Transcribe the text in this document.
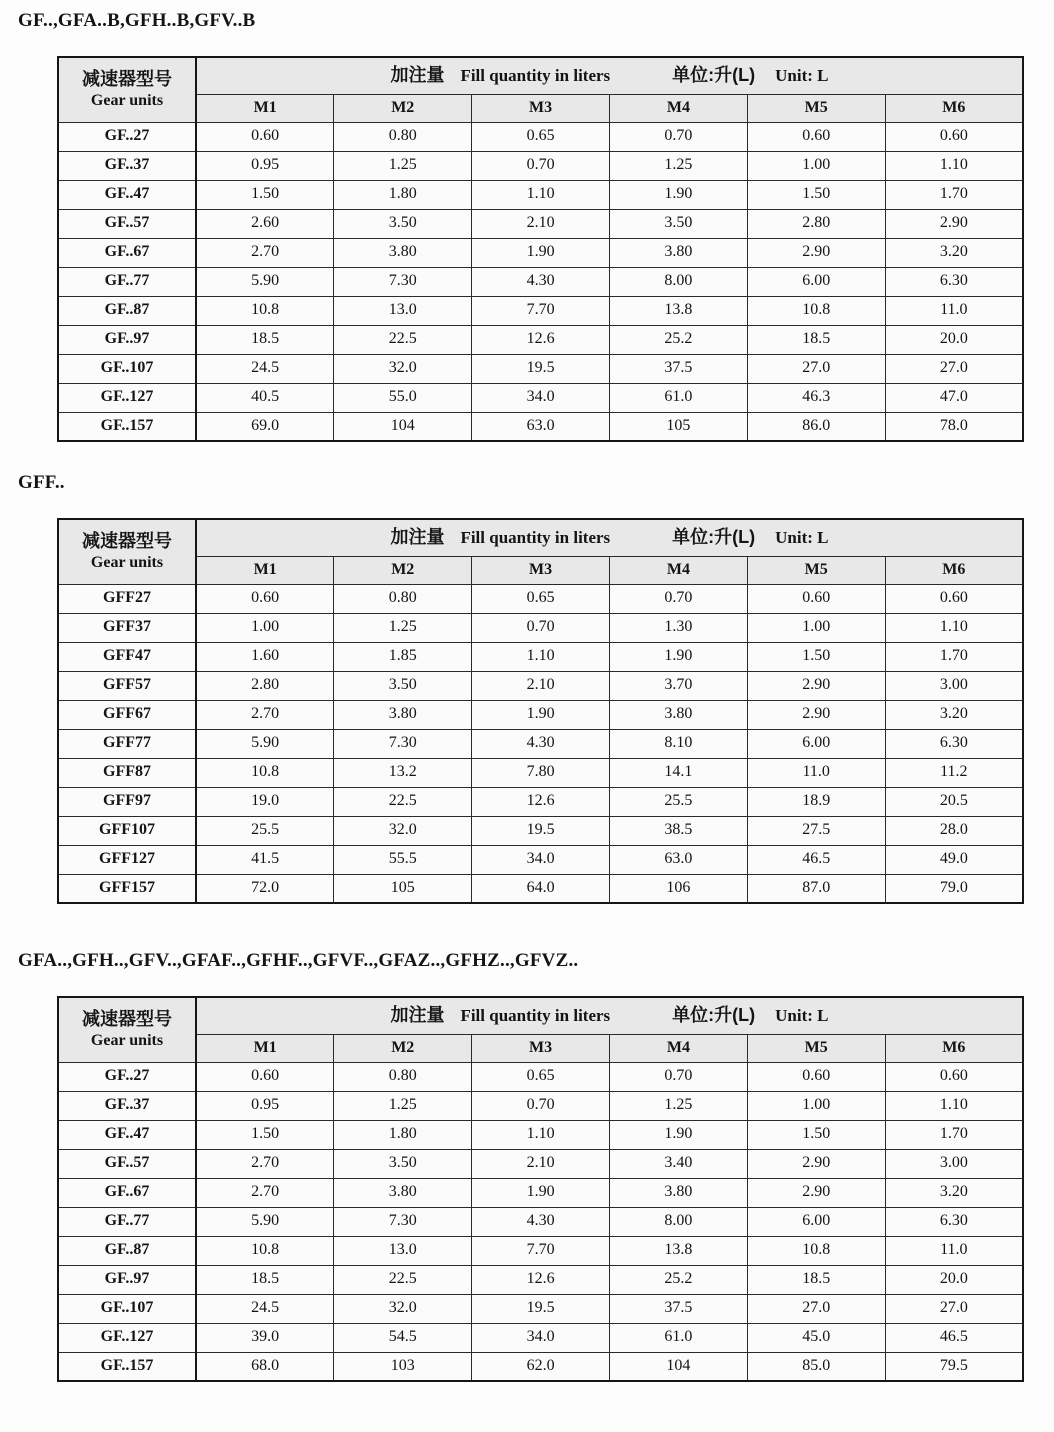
GF..,GFA..B,GFH..B,GFV..B
减速器型号
Gear units	加注量 Fill quantity in liters 单位:升(L) Unit: L					

	M1	M2	M3	M4	M5	M6
GF..27	0.60	0.80	0.65	0.70	0.60	0.60
GF..37	0.95	1.25	0.70	1.25	1.00	1.10
GF..47	1.50	1.80	1.10	1.90	1.50	1.70
GF..57	2.60	3.50	2.10	3.50	2.80	2.90
GF..67	2.70	3.80	1.90	3.80	2.90	3.20
GF..77	5.90	7.30	4.30	8.00	6.00	6.30
GF..87	10.8	13.0	7.70	13.8	10.8	11.0
GF..97	18.5	22.5	12.6	25.2	18.5	20.0
GF..107	24.5	32.0	19.5	37.5	27.0	27.0
GF..127	40.5	55.0	34.0	61.0	46.3	47.0
GF..157	69.0	104	63.0	105	86.0	78.0
GFF..
减速器型号
Gear units	加注量 Fill quantity in liters 单位:升(L) Unit: L					

	M1	M2	M3	M4	M5	M6
GFF27	0.60	0.80	0.65	0.70	0.60	0.60
GFF37	1.00	1.25	0.70	1.30	1.00	1.10
GFF47	1.60	1.85	1.10	1.90	1.50	1.70
GFF57	2.80	3.50	2.10	3.70	2.90	3.00
GFF67	2.70	3.80	1.90	3.80	2.90	3.20
GFF77	5.90	7.30	4.30	8.10	6.00	6.30
GFF87	10.8	13.2	7.80	14.1	11.0	11.2
GFF97	19.0	22.5	12.6	25.5	18.9	20.5
GFF107	25.5	32.0	19.5	38.5	27.5	28.0
GFF127	41.5	55.5	34.0	63.0	46.5	49.0
GFF157	72.0	105	64.0	106	87.0	79.0
GFA..,GFH..,GFV..,GFAF..,GFHF..,GFVF..,GFAZ..,GFHZ..,GFVZ..
减速器型号
Gear units	加注量 Fill quantity in liters 单位:升(L) Unit: L					

	M1	M2	M3	M4	M5	M6
GF..27	0.60	0.80	0.65	0.70	0.60	0.60
GF..37	0.95	1.25	0.70	1.25	1.00	1.10
GF..47	1.50	1.80	1.10	1.90	1.50	1.70
GF..57	2.70	3.50	2.10	3.40	2.90	3.00
GF..67	2.70	3.80	1.90	3.80	2.90	3.20
GF..77	5.90	7.30	4.30	8.00	6.00	6.30
GF..87	10.8	13.0	7.70	13.8	10.8	11.0
GF..97	18.5	22.5	12.6	25.2	18.5	20.0
GF..107	24.5	32.0	19.5	37.5	27.0	27.0
GF..127	39.0	54.5	34.0	61.0	45.0	46.5
GF..157	68.0	103	62.0	104	85.0	79.5
